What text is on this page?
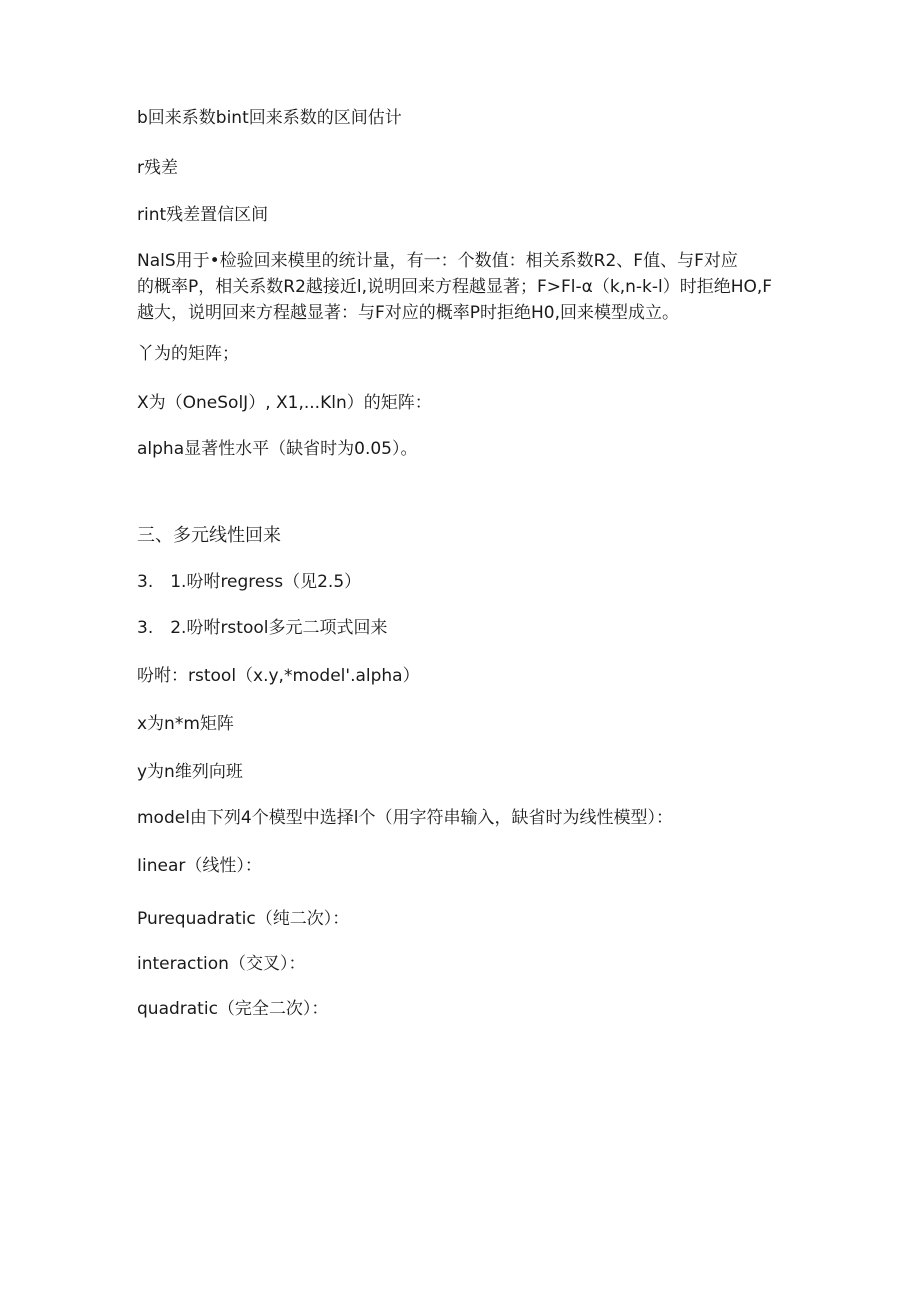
b回来系数bint回来系数的区间估计
r残差
rint残差置信区间

NalS用于•检验回来模里的统计量，有一：个数值：相关系数R2、F值、与F对应

的概率P，相关系数R2越接近l,说明回来方程越显著；F>Fl-α（k,n-k-l）时拒绝HO,F

越大，说明回来方程越显著：与F对应的概率P时拒绝H0,回来模型成立。

丫为的矩阵；
X为（OneSolJ）, X1,...Kln）的矩阵：
alpha显著性水平（缺省时为0.05）。
三、多元线性回来
3.　1.吩咐regress（见2.5）
3.　2.吩咐rstool多元二项式回来
吩咐：rstool（x.y,*model'.alpha）
x为n*m矩阵
y为n维列向班
model由下列4个模型中选择l个（用字符串输入，缺省时为线性模型）：
Iinear（线性）：
Purequadratic（纯二次）：
interaction（交叉）：
quadratic（完全二次）：
